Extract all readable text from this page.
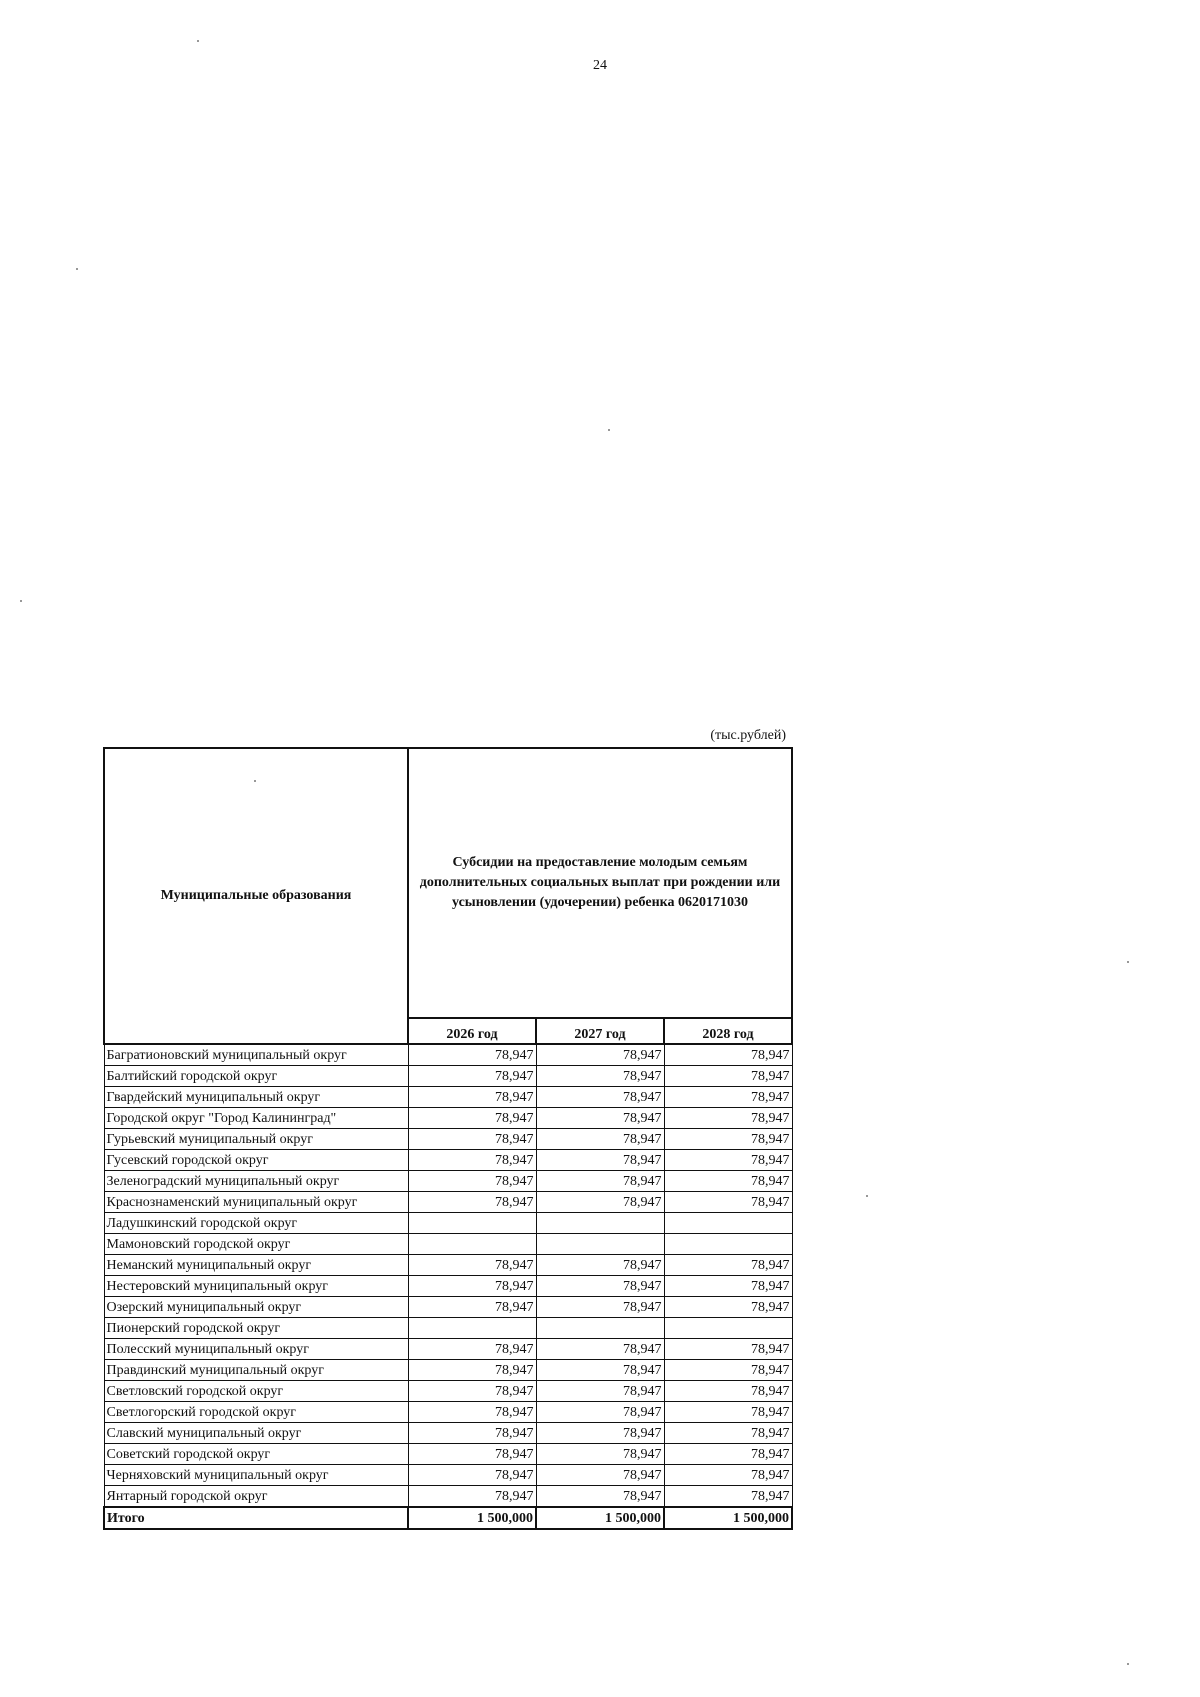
24
(тыс.рублей)
Муниципальные образования	Субсидии на предоставление молодым семьям дополнительных социальных выплат при рождении или усыновлении (удочерении) ребенка 0620171030		
	2026 год	2027 год	2028 год
Багратионовский муниципальный округ	78,947	78,947	78,947
Балтийский городской округ	78,947	78,947	78,947
Гвардейский муниципальный округ	78,947	78,947	78,947
Городской округ "Город Калининград"	78,947	78,947	78,947
Гурьевский муниципальный округ	78,947	78,947	78,947
Гусевский городской округ	78,947	78,947	78,947
Зеленоградский муниципальный округ	78,947	78,947	78,947
Краснознаменский муниципальный округ	78,947	78,947	78,947
Ладушкинский городской округ			
Мамоновский городской округ			
Неманский муниципальный округ	78,947	78,947	78,947
Нестеровский муниципальный округ	78,947	78,947	78,947
Озерский муниципальный округ	78,947	78,947	78,947
Пионерский городской округ			
Полесский муниципальный округ	78,947	78,947	78,947
Правдинский муниципальный округ	78,947	78,947	78,947
Светловский городской округ	78,947	78,947	78,947
Светлогорский городской округ	78,947	78,947	78,947
Славский муниципальный округ	78,947	78,947	78,947
Советский городской округ	78,947	78,947	78,947
Черняховский муниципальный округ	78,947	78,947	78,947
Янтарный городской округ	78,947	78,947	78,947
Итого	1 500,000	1 500,000	1 500,000
